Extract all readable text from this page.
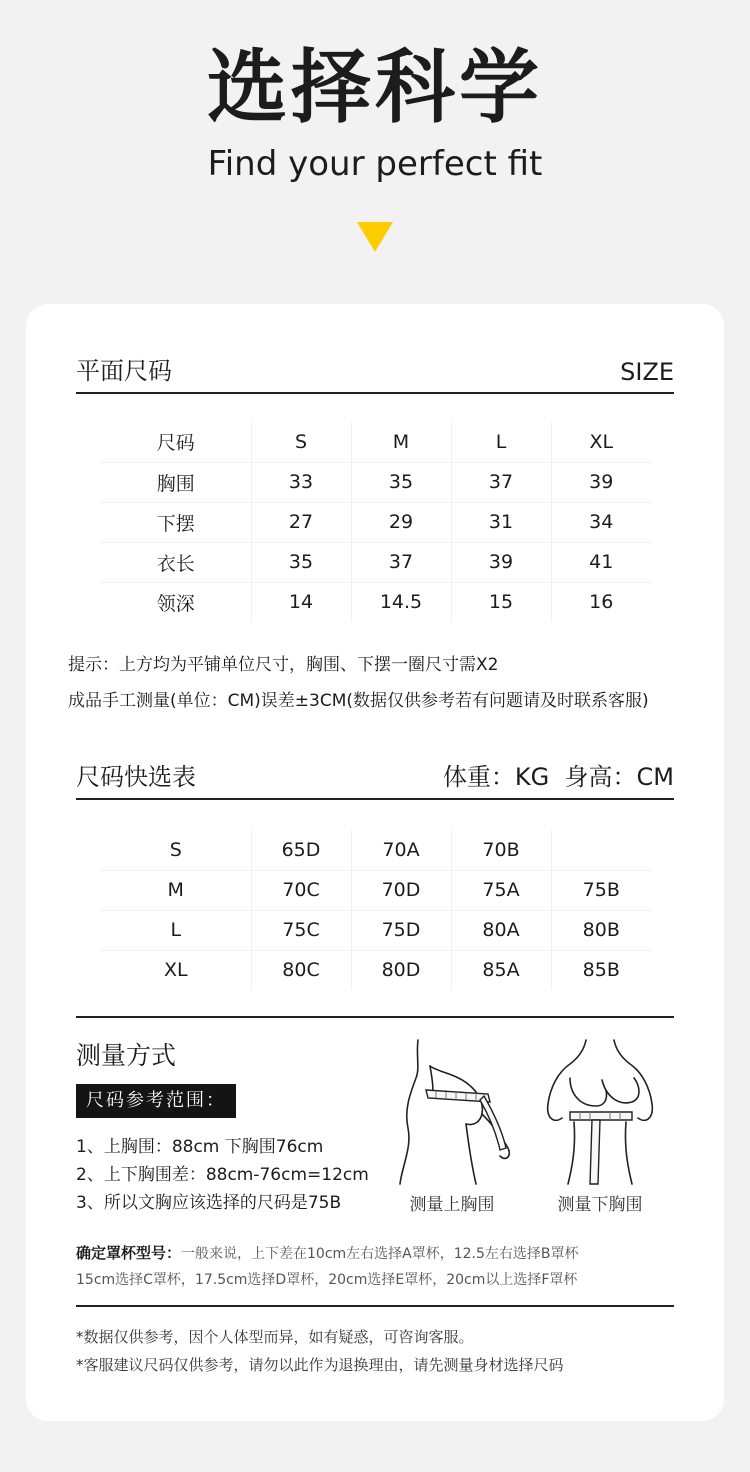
选择科学
Find your perfect fit
平面尺码	SIZE
尺码	S	M	L	XL
胸围	33	35	37	39
下摆	27	29	31	34
衣长	35	37	39	41
领深	14	14.5	15	16
提示：上方均为平铺单位尺寸，胸围、下摆一圈尺寸需X2
成品手工测量(单位：CM)误差±3CM(数据仅供参考若有问题请及时联系客服)
尺码快选表	体重：KG  身高：CM
S	65D	70A	70B	
M	70C	70D	75A	75B
L	75C	75D	80A	80B
XL	80C	80D	85A	85B
测量方式
尺码参考范围：
1、上胸围：88cm 下胸围76cm
2、上下胸围差：88cm-76cm=12cm
3、所以文胸应该选择的尺码是75B	测量上胸围	测量下胸围
确定罩杯型号：一般来说，上下差在10cm左右选择A罩杯，12.5左右选择B罩杯
15cm选择C罩杯，17.5cm选择D罩杯，20cm选择E罩杯，20cm以上选择F罩杯
*数据仅供参考，因个人体型而异，如有疑惑，可咨询客服。
*客服建议尺码仅供参考，请勿以此作为退换理由，请先测量身材选择尺码
